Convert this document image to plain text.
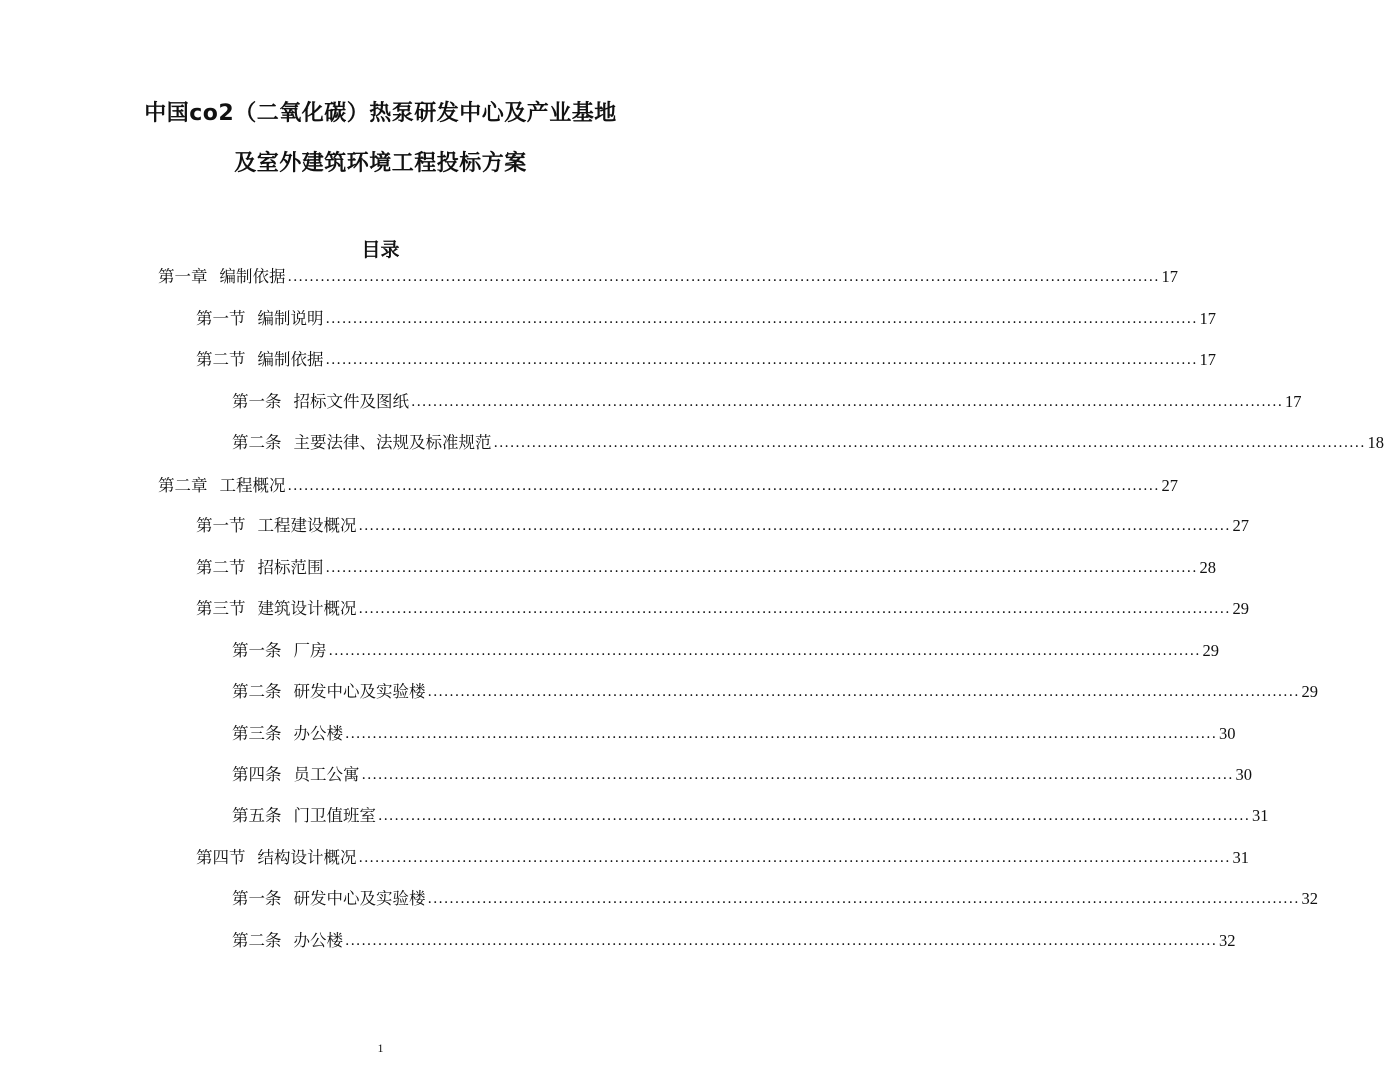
中国co2（二氧化碳）热泵研发中心及产业基地
及室外建筑环境工程投标方案
目录
第一章 编制依据 ................................................................................................................................................................ 17
第一节 编制说明 ................................................................................................................................................................ 17
第二节 编制依据 ................................................................................................................................................................ 17
第一条 招标文件及图纸 ................................................................................................................................................................ 17
第二条 主要法律、法规及标准规范 ................................................................................................................................................................ 18
第二章 工程概况 ................................................................................................................................................................ 27
第一节 工程建设概况 ................................................................................................................................................................ 27
第二节 招标范围 ................................................................................................................................................................ 28
第三节 建筑设计概况 ................................................................................................................................................................ 29
第一条 厂房 ................................................................................................................................................................ 29
第二条 研发中心及实验楼 ................................................................................................................................................................ 29
第三条 办公楼 ................................................................................................................................................................ 30
第四条 员工公寓 ................................................................................................................................................................ 30
第五条 门卫值班室 ................................................................................................................................................................ 31
第四节 结构设计概况 ................................................................................................................................................................ 31
第一条 研发中心及实验楼 ................................................................................................................................................................ 32
第二条 办公楼 ................................................................................................................................................................ 32
1
